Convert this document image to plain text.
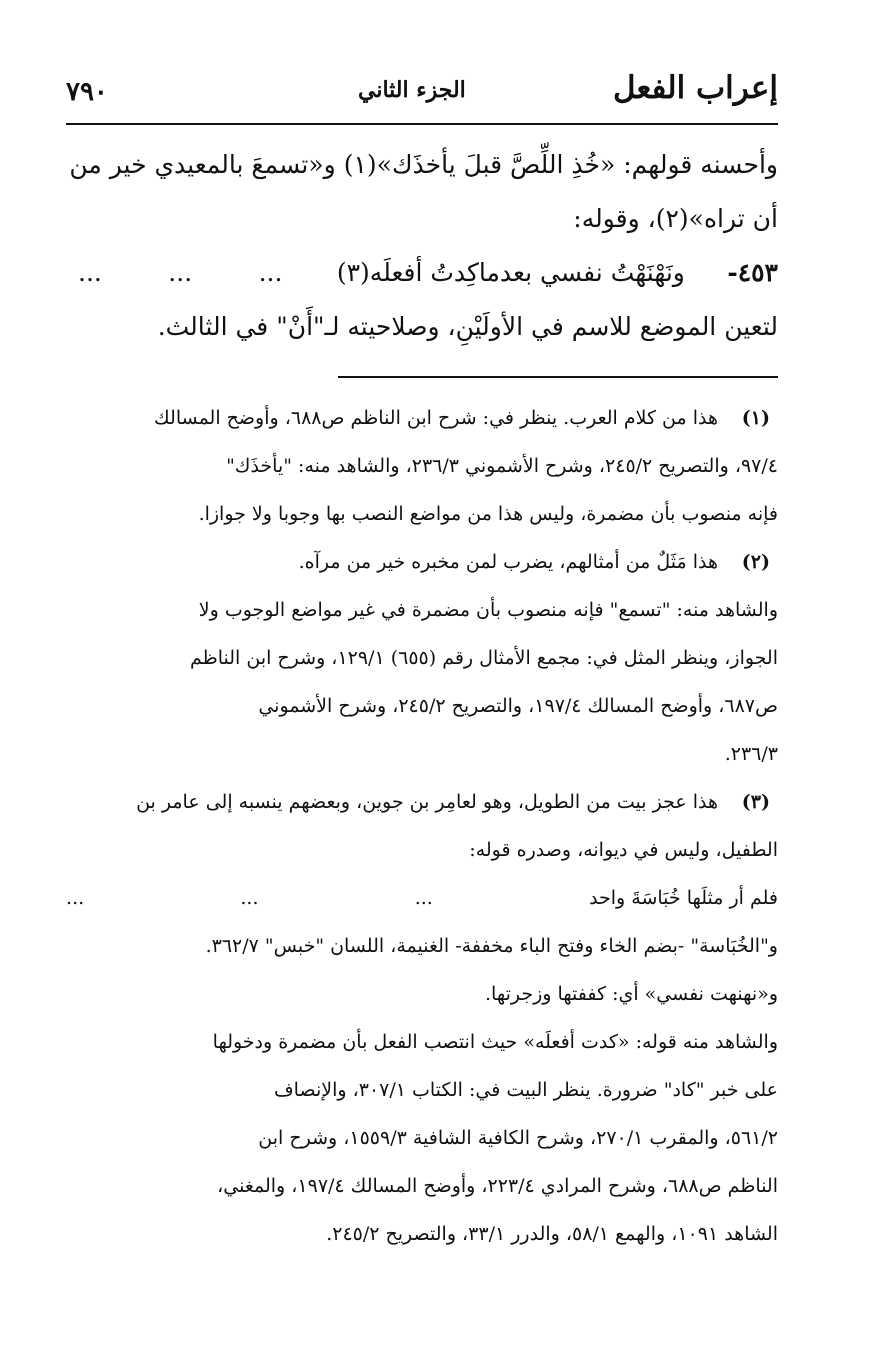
إعراب الفعل
الجزء الثاني
٧٩٠

وأحسنه قولهم: «خُذِ اللِّصَّ قبلَ يأخذَك»(١) و«تسمعَ بالمعيدي خير من

أن تراه»(٢)، وقوله:

٤٥٣-
ونَهْنَهْتُ نفسي بعدماكِدتُ أفعلَه(٣)
...
...
...

لتعين الموضع للاسم في الأولَيْنِ، وصلاحيته لـ"أَنْ" في الثالث.

(١)

هذا من كلام العرب. ينظر في: شرح ابن الناظم ص٦٨٨، وأوضح المسالك

٩٧/٤، والتصريح ٢٤٥/٢، وشرح الأشموني ٢٣٦/٣، والشاهد منه: "يأخذَك"

فإنه منصوب بأن مضمرة، وليس هذا من مواضع النصب بها وجوبا ولا جوازا.

(٢)

هذا مَثَلٌ من أمثالهم، يضرب لمن مخبره خير من مرآه.

والشاهد منه: "تسمع" فإنه منصوب بأن مضمرة في غير مواضع الوجوب ولا

الجواز، وينظر المثل في: مجمع الأمثال رقم (٦٥٥) ١٢٩/١، وشرح ابن الناظم

ص٦٨٧، وأوضح المسالك ١٩٧/٤، والتصريح ٢٤٥/٢، وشرح الأشموني

٢٣٦/٣.

(٣)

هذا عجز بيت من الطويل، وهو لعامِر بن جوين، وبعضهم ينسبه إلى عامر بن

الطفيل، وليس في ديوانه، وصدره قوله:

فلم أر مثلَها خُبَاسَةَ واحد
...
...
...

و"الخُبَاسة" -بضم الخاء وفتح الباء مخففة- الغنيمة، اللسان "خبس" ٣٦٢/٧.

و«نهنهت نفسي» أي: كففتها وزجرتها.

والشاهد منه قوله: «كدت أفعلَه» حيث انتصب الفعل بأن مضمرة ودخولها

على خبر "كاد" ضرورة. ينظر البيت في: الكتاب ٣٠٧/١، والإنصاف

٥٦١/٢، والمقرب ٢٧٠/١، وشرح الكافية الشافية ١٥٥٩/٣، وشرح ابن

الناظم ص٦٨٨، وشرح المرادي ٢٢٣/٤، وأوضح المسالك ١٩٧/٤، والمغني،

الشاهد ١٠٩١، والهمع ٥٨/١، والدرر ٣٣/١، والتصريح ٢٤٥/٢.
